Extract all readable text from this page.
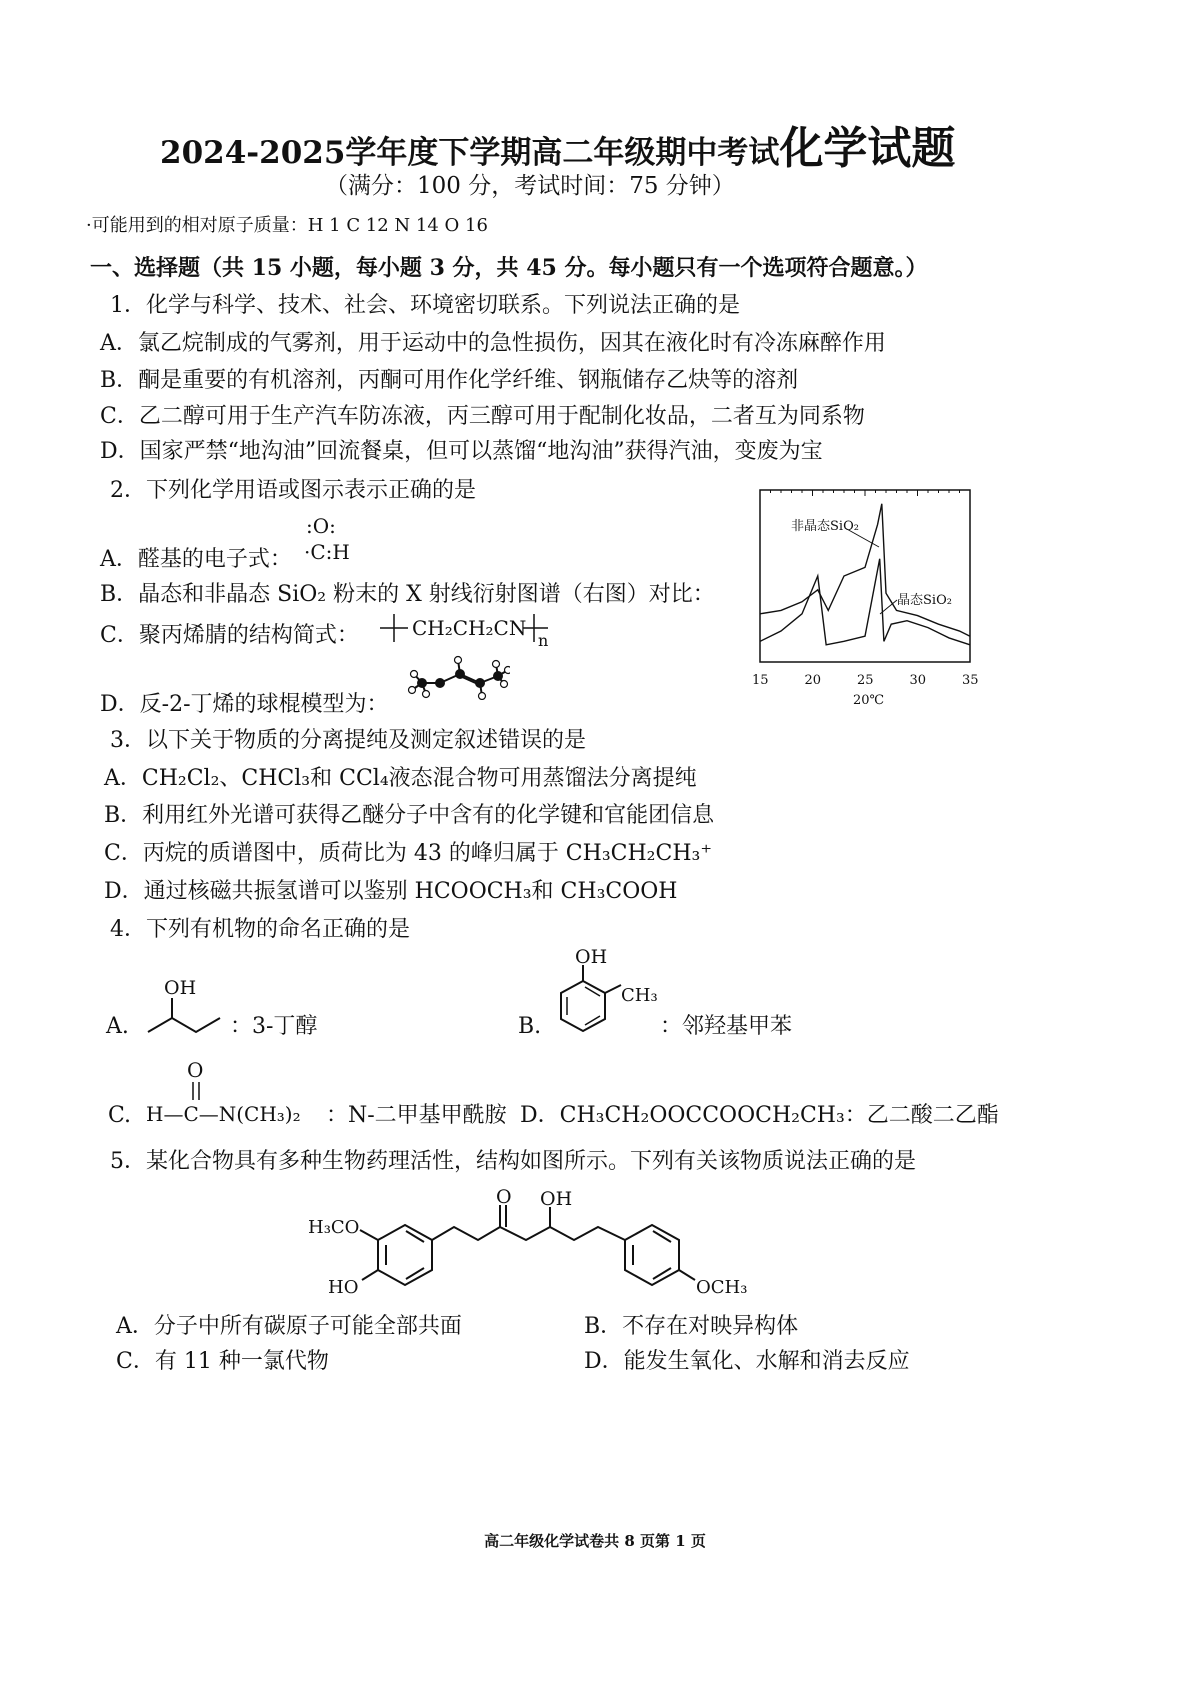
2024-2025学年度下学期高二年级期中考试化学试题
（满分：100 分，考试时间：75 分钟）
·可能用到的相对原子质量：H 1 C 12 N 14 O 16
一、选择题（共 15 小题，每小题 3 分，共 45 分。每小题只有一个选项符合题意。）
1．化学与科学、技术、社会、环境密切联系。下列说法正确的是
A．氯乙烷制成的气雾剂，用于运动中的急性损伤，因其在液化时有冷冻麻醉作用
B．酮是重要的有机溶剂，丙酮可用作化学纤维、钢瓶储存乙炔等的溶剂
C．乙二醇可用于生产汽车防冻液，丙三醇可用于配制化妆品，二者互为同系物
D．国家严禁“地沟油”回流餐桌，但可以蒸馏“地沟油”获得汽油，变废为宝
2．下列化学用语或图示表示正确的是
A．醛基的电子式：
:O:
·C:H
B．晶态和非晶态 SiO₂ 粉末的 X 射线衍射图谱（右图）对比：
C．聚丙烯腈的结构简式：	CH₂CH₂CN
n
D．反-2-丁烯的球棍模型为：
15	20	25	30	35
非晶态SiO₂
晶态SiO₂
20℃
3．以下关于物质的分离提纯及测定叙述错误的是
A．CH₂Cl₂、CHCl₃和 CCl₄液态混合物可用蒸馏法分离提纯
B．利用红外光谱可获得乙醚分子中含有的化学键和官能团信息
C．丙烷的质谱图中，质荷比为 43 的峰归属于 CH₃CH₂CH₃⁺
D．通过核磁共振氢谱可以鉴别 HCOOCH₃和 CH₃COOH
4．下列有机物的命名正确的是
A.
OH
：3-丁醇	B.
OH
CH₃
：邻羟基甲苯
C.
O
H—C—N(CH₃)₂ ：N-二甲基甲酰胺 D．CH₃CH₂OOCCOOCH₂CH₃：乙二酸二乙酯
5．某化合物具有多种生物药理活性，结构如图所示。下列有关该物质说法正确的是
O OH
H₃CO
HO	OCH₃
A．分子中所有碳原子可能全部共面	B．不存在对映异构体
C．有 11 种一氯代物	D．能发生氧化、水解和消去反应
高二年级化学试卷共 8 页第 1 页
